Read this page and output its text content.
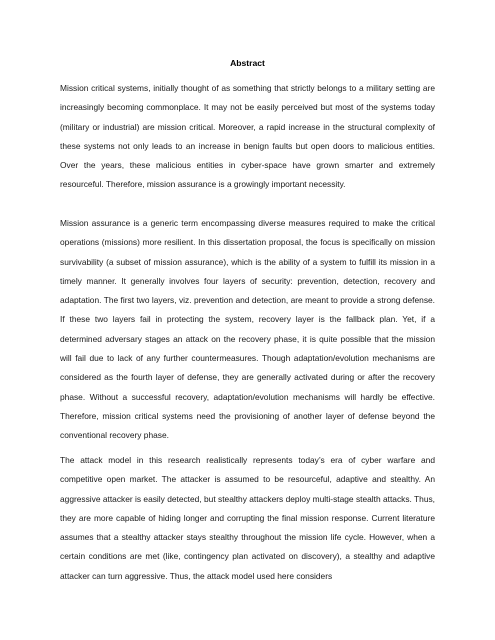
Abstract

Mission critical systems, initially thought of as something that strictly belongs to a military setting are increasingly becoming commonplace. It may not be easily perceived but most of the systems today (military or industrial) are mission critical. Moreover, a rapid increase in the structural complexity of these systems not only leads to an increase in benign faults but open doors to malicious entities. Over the years, these malicious entities in cyber-space have grown smarter and extremely resourceful. Therefore, mission assurance is a growingly important necessity.

Mission assurance is a generic term encompassing diverse measures required to make the critical operations (missions) more resilient. In this dissertation proposal, the focus is specifically on mission survivability (a subset of mission assurance), which is the ability of a system to fulfill its mission in a timely manner. It generally involves four layers of security: prevention, detection, recovery and adaptation. The first two layers, viz. prevention and detection, are meant to provide a strong defense. If these two layers fail in protecting the system, recovery layer is the fallback plan. Yet, if a determined adversary stages an attack on the recovery phase, it is quite possible that the mission will fail due to lack of any further countermeasures. Though adaptation/evolution mechanisms are considered as the fourth layer of defense, they are generally activated during or after the recovery phase. Without a successful recovery, adaptation/evolution mechanisms will hardly be effective. Therefore, mission critical systems need the provisioning of another layer of defense beyond the conventional recovery phase.

The attack model in this research realistically represents today’s era of cyber warfare and competitive open market. The attacker is assumed to be resourceful, adaptive and stealthy. An aggressive attacker is easily detected, but stealthy attackers deploy multi-stage stealth attacks. Thus, they are more capable of hiding longer and corrupting the final mission response. Current literature assumes that a stealthy attacker stays stealthy throughout the mission life cycle. However, when a certain conditions are met (like, contingency plan activated on discovery), a stealthy and adaptive attacker can turn aggressive. Thus, the attack model used here considers
